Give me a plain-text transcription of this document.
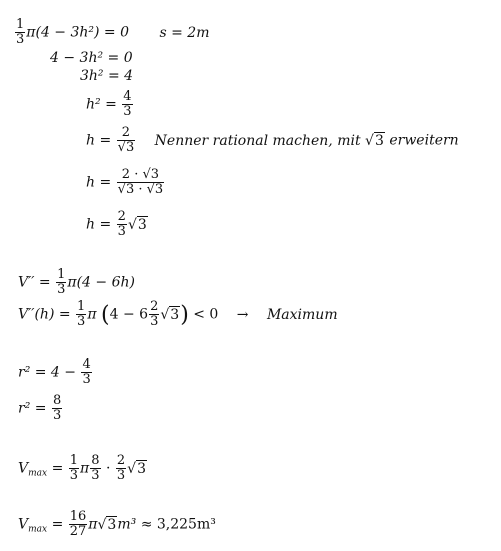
$\frac{1}{3} \pi(4 - 3h^2) = 0$ s = 2m
4 − 3h² = 0
3h² = 4
$h^2 = \frac{4}{3}$
$h = \frac{2}{√3}$ Nenner rational machen, mit √3 erweitern
$h = \frac{2 \cdot √3}{√3 \cdot √3}$
$h = \frac{2}{3} √3$
$V'' = \frac{1}{3} \pi(4 - 6h)$
$V''(h) = \frac{1}{3}$ π $(4 - 6 \frac{2}{3} √3) < 0$ → Maximum
$r^2 = 4 - \frac{4}{3}$
$r^2 = \frac{8}{3}$
$V_{max} = \frac{1}{3}$ π $\frac{8}{3} \cdot \frac{2}{3} √3$
$V_{max} = \frac{16}{27} \pi√3m^3 \approx 3,225m^3$
